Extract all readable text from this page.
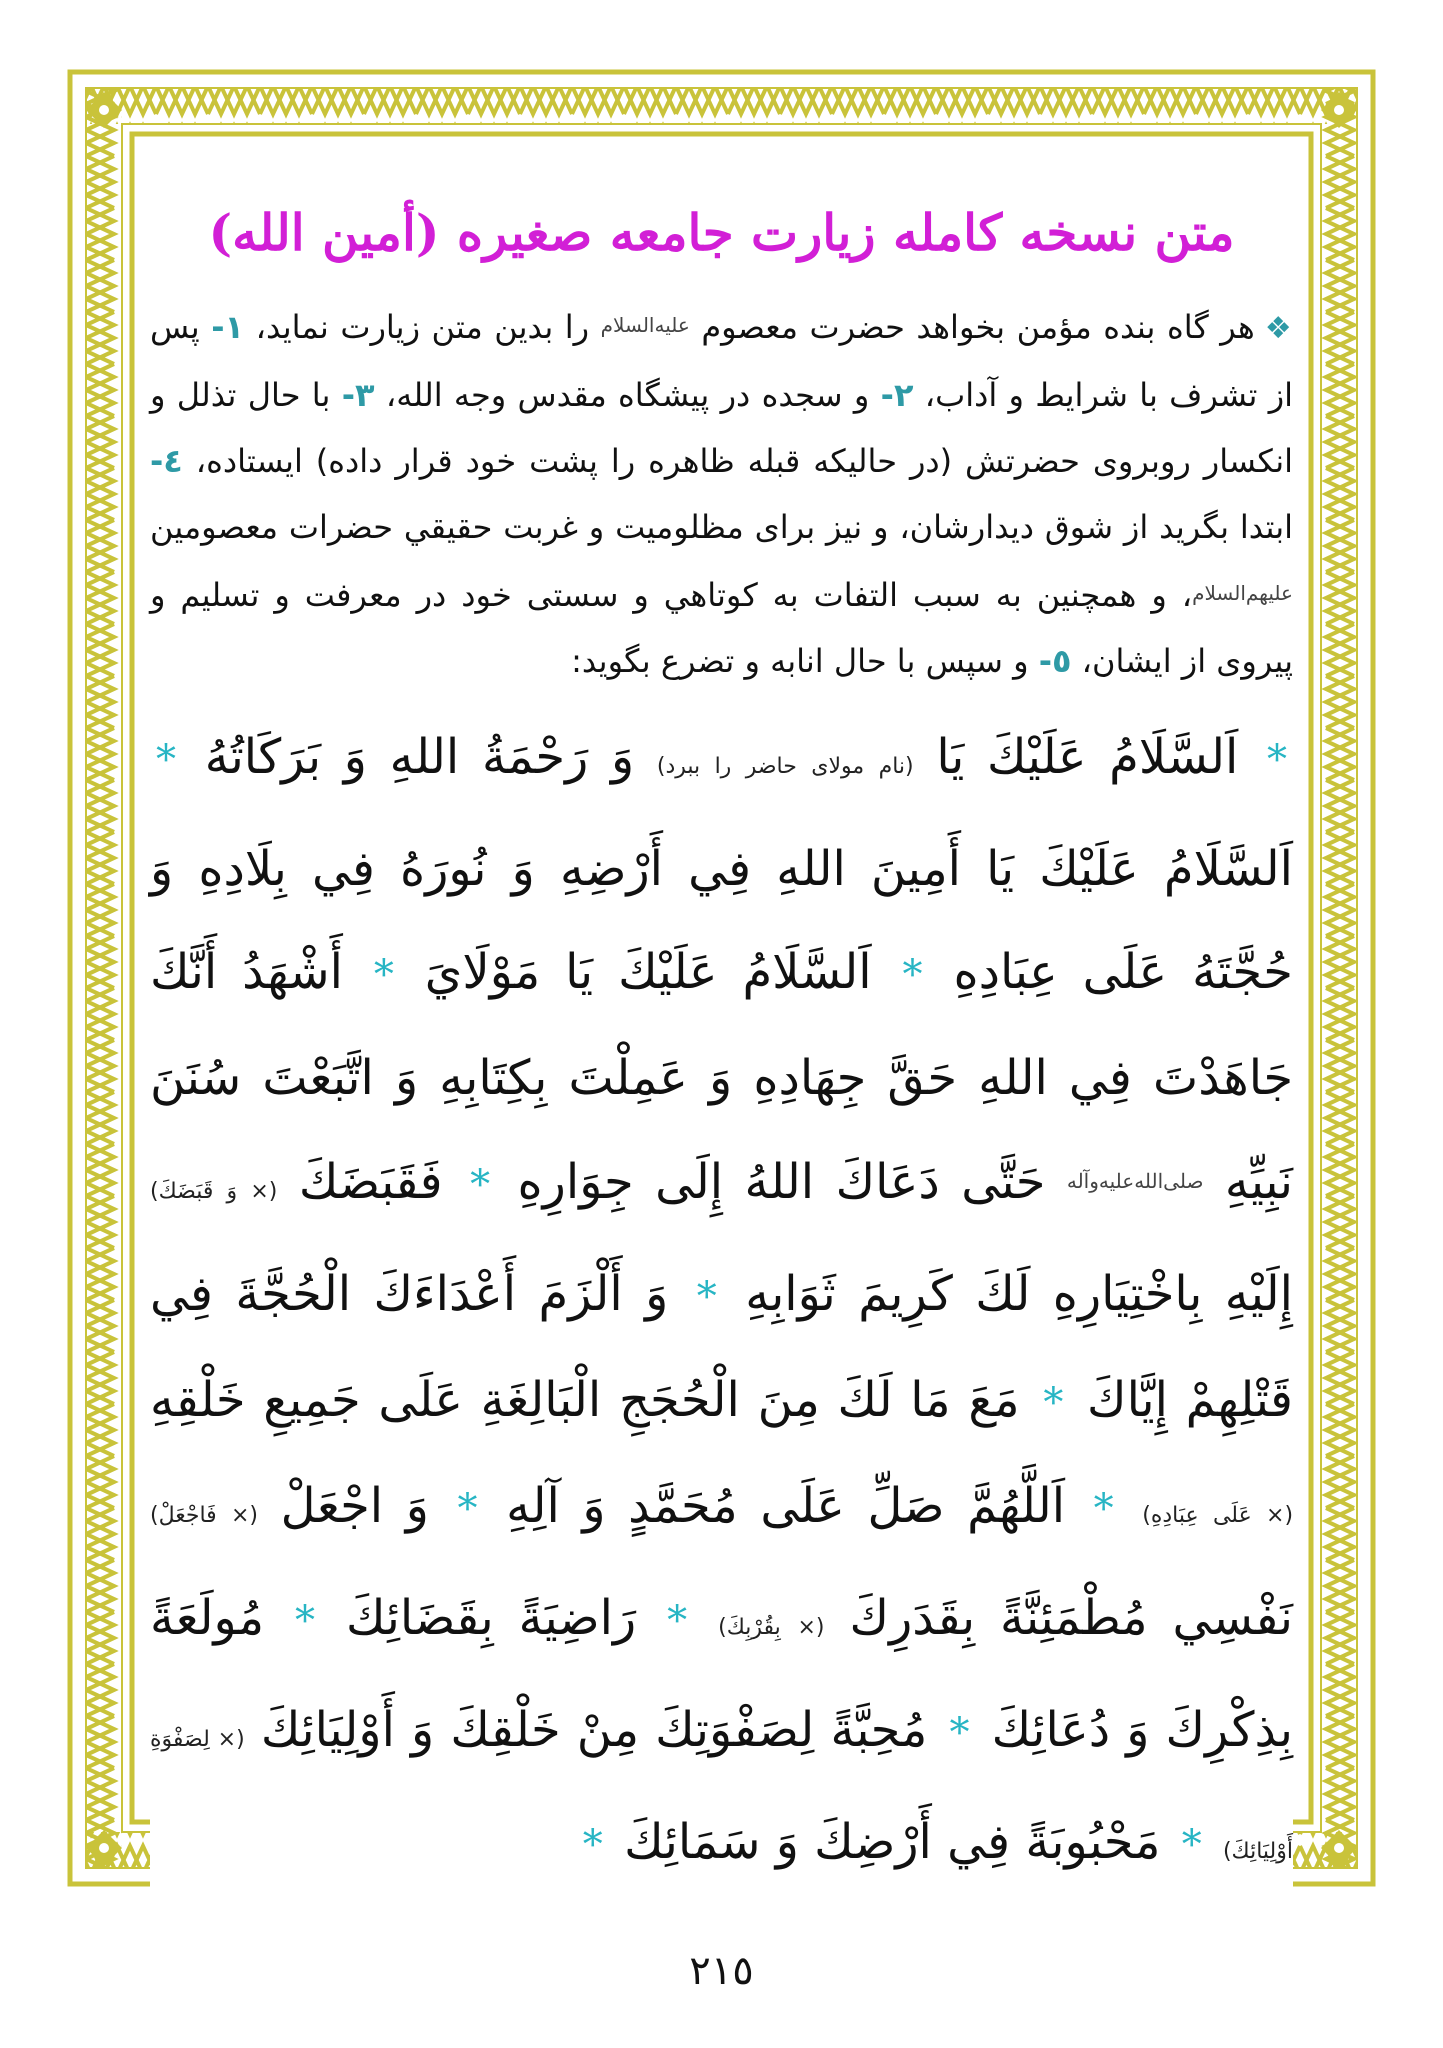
متن نسخه كامله زيارت جامعه صغيره (أمين الله)
❖هر گاه بنده مؤمن بخواهد حضرت معصوم عليه‌السلام را بدين متن زيارت نمايد، ١- پس از تشرف با شرايط و آداب، ٢- و سجده در پيشگاه مقدس وجه الله، ٣- با حال تذلل و انكسار روبروی حضرتش (در حاليكه قبله ظاهره را پشت خود قرار داده) ايستاده، ٤- ابتدا بگريد از شوق ديدارشان، و نيز براى مظلوميت و غربت حقيقي حضرات معصومين عليهم‌السلام، و همچنين به سبب التفات به كوتاهي و سستى خود در معرفت و تسليم و پيروى از ايشان، ٥- و سپس با حال انابه و تضرع بگويد:
* اَلسَّلَامُ عَلَيْكَ يَا (نام مولاى حاضر را ببرد) وَ رَحْمَةُ اللهِ وَ بَرَكَاتُهُ * اَلسَّلَامُ عَلَيْكَ يَا أَمِينَ اللهِ فِي أَرْضِهِ وَ نُورَهُ فِي بِلَادِهِ وَ حُجَّتَهُ عَلَى عِبَادِهِ * اَلسَّلَامُ عَلَيْكَ يَا مَوْلَايَ * أَشْهَدُ أَنَّكَ جَاهَدْتَ فِي اللهِ حَقَّ جِهَادِهِ وَ عَمِلْتَ بِكِتَابِهِ وَ اتَّبَعْتَ سُنَنَ نَبِيِّهِ $^{صلى‌الله‌عليه‌وآله}$ حَتَّى دَعَاكَ اللهُ إِلَى جِوَارِهِ * فَقَبَضَكَ (× وَ قَبَضَكَ) إِلَيْهِ بِاخْتِيَارِهِ لَكَ كَرِيمَ ثَوَابِهِ * وَ أَلْزَمَ أَعْدَاءَكَ الْحُجَّةَ فِي قَتْلِهِمْ إِيَّاكَ * مَعَ مَا لَكَ مِنَ الْحُجَجِ الْبَالِغَةِ عَلَى جَمِيعِ خَلْقِهِ (× عَلَى عِبَادِهِ) * اَللَّهُمَّ صَلِّ عَلَى مُحَمَّدٍ وَ آلِهِ * وَ اجْعَلْ (× فَاجْعَلْ) نَفْسِي مُطْمَئِنَّةً بِقَدَرِكَ (× بِقُرْبِكَ) * رَاضِيَةً بِقَضَائِكَ * مُولَعَةً بِذِكْرِكَ وَ دُعَائِكَ * مُحِبَّةً لِصَفْوَتِكَ مِنْ خَلْقِكَ وَ أَوْلِيَائِكَ (× لِصَفْوَةِ أَوْلِيَائِكَ) * مَحْبُوبَةً فِي أَرْضِكَ وَ سَمَائِكَ *
٢١٥
